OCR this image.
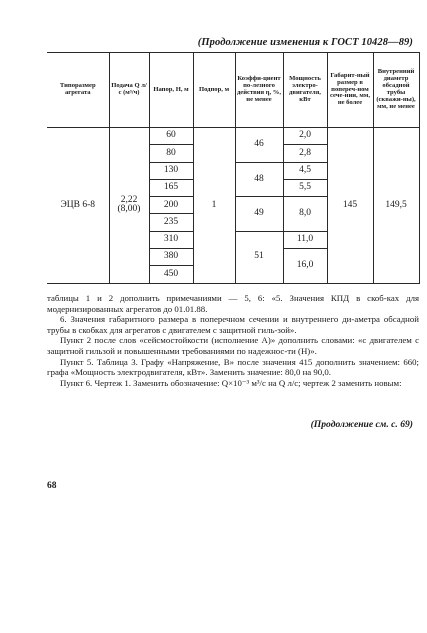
(Продолжение изменения к ГОСТ 10428—89)
Типоразмер агрегата	Подача Q л/с (м³/ч)	Напор, H, м	Подпор, м	Коэффи-циент по-лезного действия η, %, не менее	Мощность электро-двигателя, кВт	Габарит-ный размер в попереч-ном сече-нии, мм, не более	Внутренний диаметр обсадной трубы (скважи-ны), мм, не менее
ЭЦВ 6-8	2,22
(8,00)	60	1	46	2,0	145	149,5
		80			2,8		
		130		48	4,5		
		165			5,5		
		200		49	8,0		
		235					
		310		51	11,0		
		380			16,0		
		450					

таблицы 1 и 2 дополнить примечаниями — 5, 6: «5. Значения КПД в скоб-ках для модернизированных агрегатов до 01.01.88.

6. Значения габаритного размера в поперечном сечении и внутреннего ди-аметра обсадной трубы в скобках для агрегатов с двигателем с защитной гиль-зой».

Пункт 2 после слов «сейсмостойкости (исполнение А)» дополнить словами: «с двигателем с защитной гильзой и повышенными требованиями по надежнос-ти (Н)».

Пункт 5. Таблица 3. Графу «Напряжение, В» после значения 415 дополнить значением: 660; графа «Мощность электродвигателя, кВт». Заменить значение: 80,0 на 90,0.

Пункт 6. Чертеж 1. Заменить обозначение: Q×10⁻³ м³/с на Q л/с; чертеж 2 заменить новым:

(Продолжение см. с. 69)
68
